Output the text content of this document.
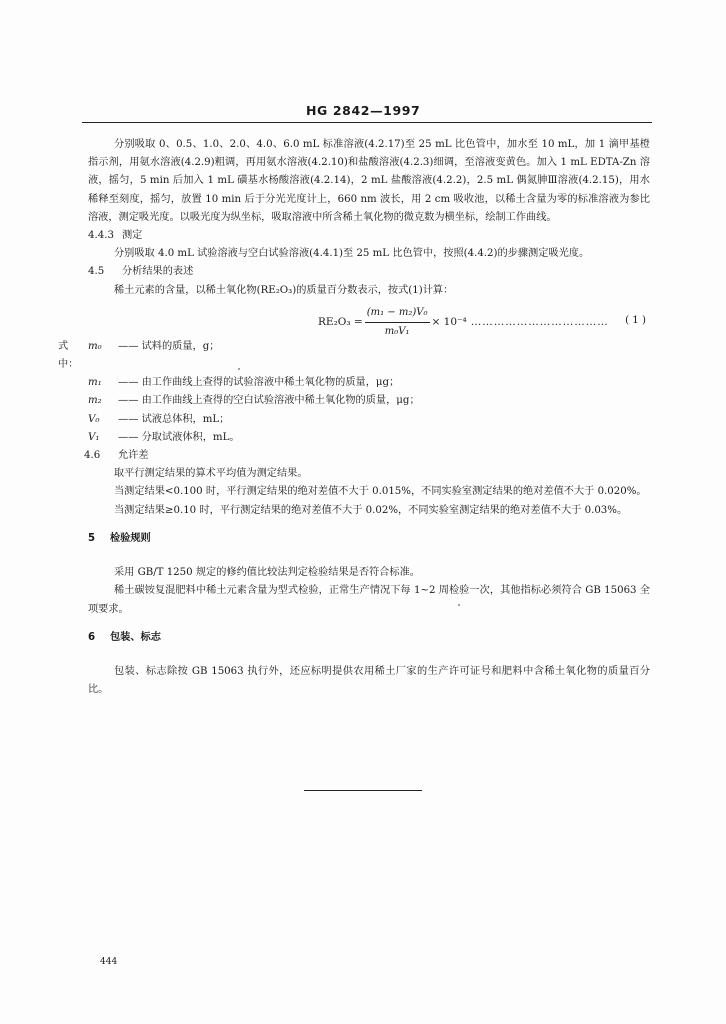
HG 2842—1997

分别吸取 0、0.5、1.0、2.0、4.0、6.0 mL 标准溶液(4.2.17)至 25 mL 比色管中，加水至 10 mL，加 1 滴甲基橙指示剂，用氨水溶液(4.2.9)粗调，再用氨水溶液(4.2.10)和盐酸溶液(4.2.3)细调，至溶液变黄色。加入 1 mL EDTA-Zn 溶液，摇匀，5 min 后加入 1 mL 磺基水杨酸溶液(4.2.14)，2 mL 盐酸溶液(4.2.2)，2.5 mL 偶氮胂Ⅲ溶液(4.2.15)，用水稀释至刻度，摇匀，放置 10 min 后于分光光度计上，660 nm 波长，用 2 cm 吸收池，以稀土含量为零的标准溶液为参比溶液，测定吸光度。以吸光度为纵坐标，吸取溶液中所含稀土氧化物的微克数为横坐标，绘制工作曲线。

4.4.3 测定

分别吸取 4.0 mL 试验溶液与空白试验溶液(4.4.1)至 25 mL 比色管中，按照(4.4.2)的步骤测定吸光度。

4.5 分析结果的表述

稀土元素的含量，以稀土氧化物(RE₂O₃)的质量百分数表示，按式(1)计算：

$RE_2O_3 = \frac{\text{(m₁ − m₂)V₀}}{\text{m₀V₁}} \times 10^{-4}$ ……………………………… ( 1 )
式中：
m₀	—— 试料的质量，g；
m₁	—— 由工作曲线上查得的试验溶液中稀土氧化物的质量，μg；
m₂	—— 由工作曲线上查得的空白试验溶液中稀土氧化物的质量，μg；
V₀	—— 试液总体积，mL；
V₁	—— 分取试液体积，mL。

4.6 允许差

取平行测定结果的算术平均值为测定结果。

当测定结果<0.100 时，平行测定结果的绝对差值不大于 0.015%，不同实验室测定结果的绝对差值不大于 0.020%。

当测定结果≥0.10 时，平行测定结果的绝对差值不大于 0.02%，不同实验室测定结果的绝对差值不大于 0.03%。

5 检验规则

采用 GB/T 1250 规定的修约值比较法判定检验结果是否符合标准。

稀土碳铵复混肥料中稀土元素含量为型式检验，正常生产情况下每 1~2 周检验一次，其他指标必须符合 GB 15063 全项要求。

6 包装、标志

包装、标志除按 GB 15063 执行外，还应标明提供农用稀土厂家的生产许可证号和肥料中含稀土氧化物的质量百分比。

444
